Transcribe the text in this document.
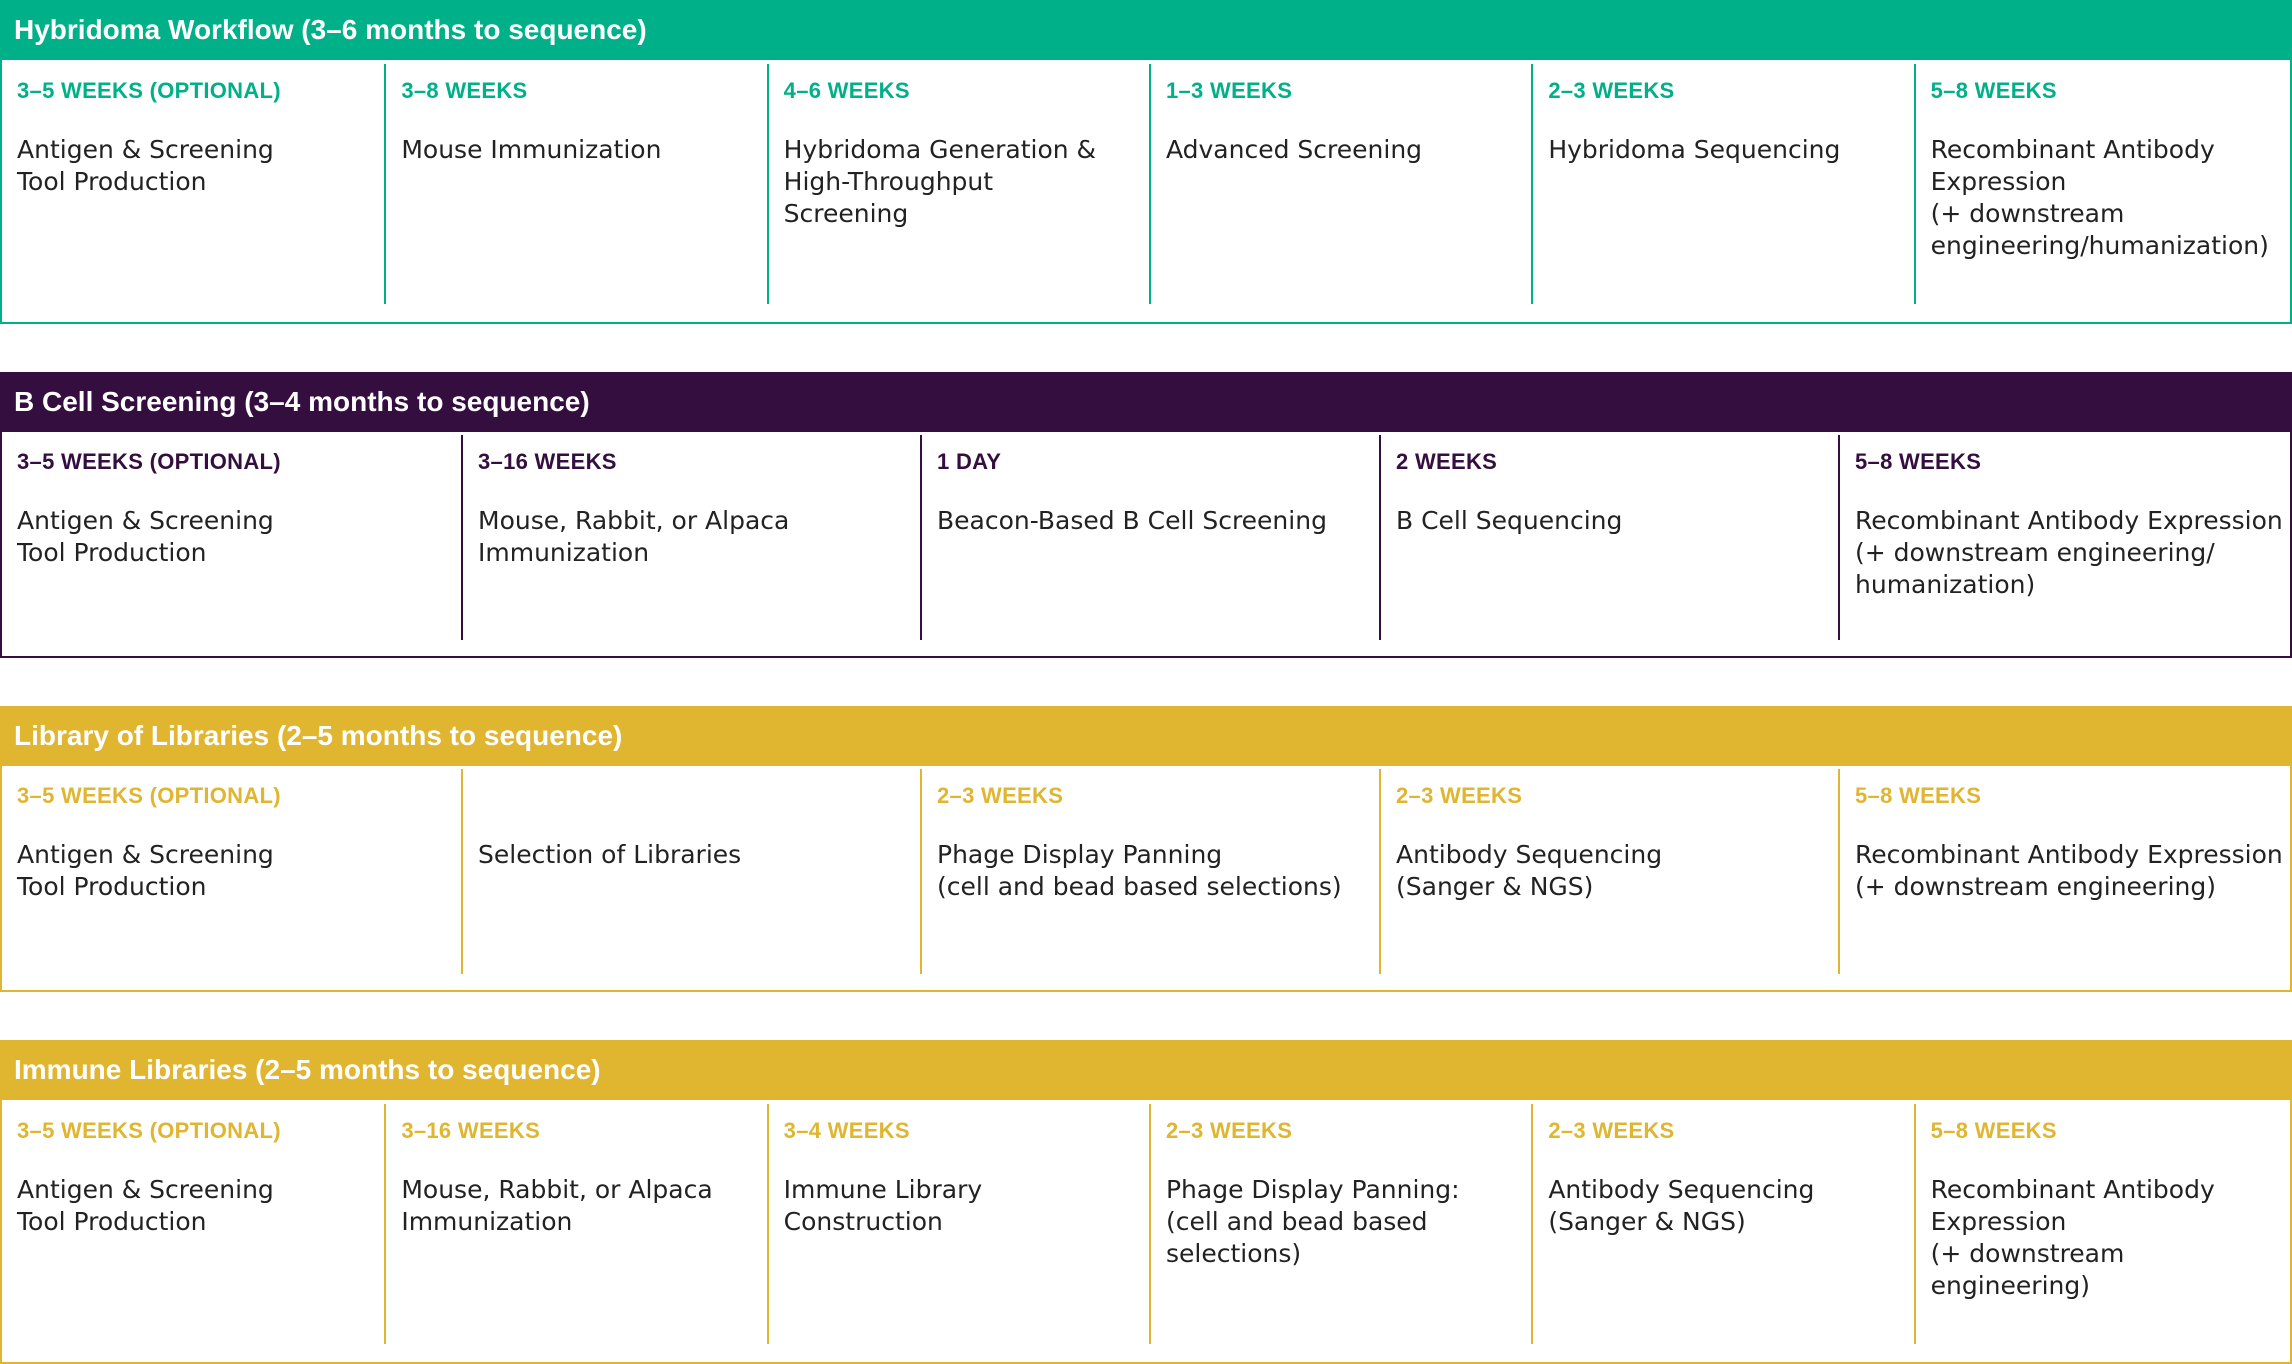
Hybridoma Workflow (3–6 months to sequence)
3–5 WEEKS (OPTIONAL)
Antigen & Screening
Tool Production
3–8 WEEKS
Mouse Immunization
4–6 WEEKS
Hybridoma Generation &
High-Throughput
Screening
1–3 WEEKS
Advanced Screening
2–3 WEEKS
Hybridoma Sequencing
5–8 WEEKS
Recombinant Antibody
Expression
(+ downstream
engineering/humanization)
B Cell Screening (3–4 months to sequence)
3–5 WEEKS (OPTIONAL)
Antigen & Screening
Tool Production
3–16 WEEKS
Mouse, Rabbit, or Alpaca
Immunization
1 DAY
Beacon-Based B Cell Screening
2 WEEKS
B Cell Sequencing
5–8 WEEKS
Recombinant Antibody Expression
(+ downstream engineering/
humanization)
Library of Libraries (2–5 months to sequence)
3–5 WEEKS (OPTIONAL)
Antigen & Screening
Tool Production
Selection of Libraries
2–3 WEEKS
Phage Display Panning
(cell and bead based selections)
2–3 WEEKS
Antibody Sequencing
(Sanger & NGS)
5–8 WEEKS
Recombinant Antibody Expression
(+ downstream engineering)
Immune Libraries (2–5 months to sequence)
3–5 WEEKS (OPTIONAL)
Antigen & Screening
Tool Production
3–16 WEEKS
Mouse, Rabbit, or Alpaca
Immunization
3–4 WEEKS
Immune Library
Construction
2–3 WEEKS
Phage Display Panning:
(cell and bead based
selections)
2–3 WEEKS
Antibody Sequencing
(Sanger & NGS)
5–8 WEEKS
Recombinant Antibody
Expression
(+ downstream engineering)
